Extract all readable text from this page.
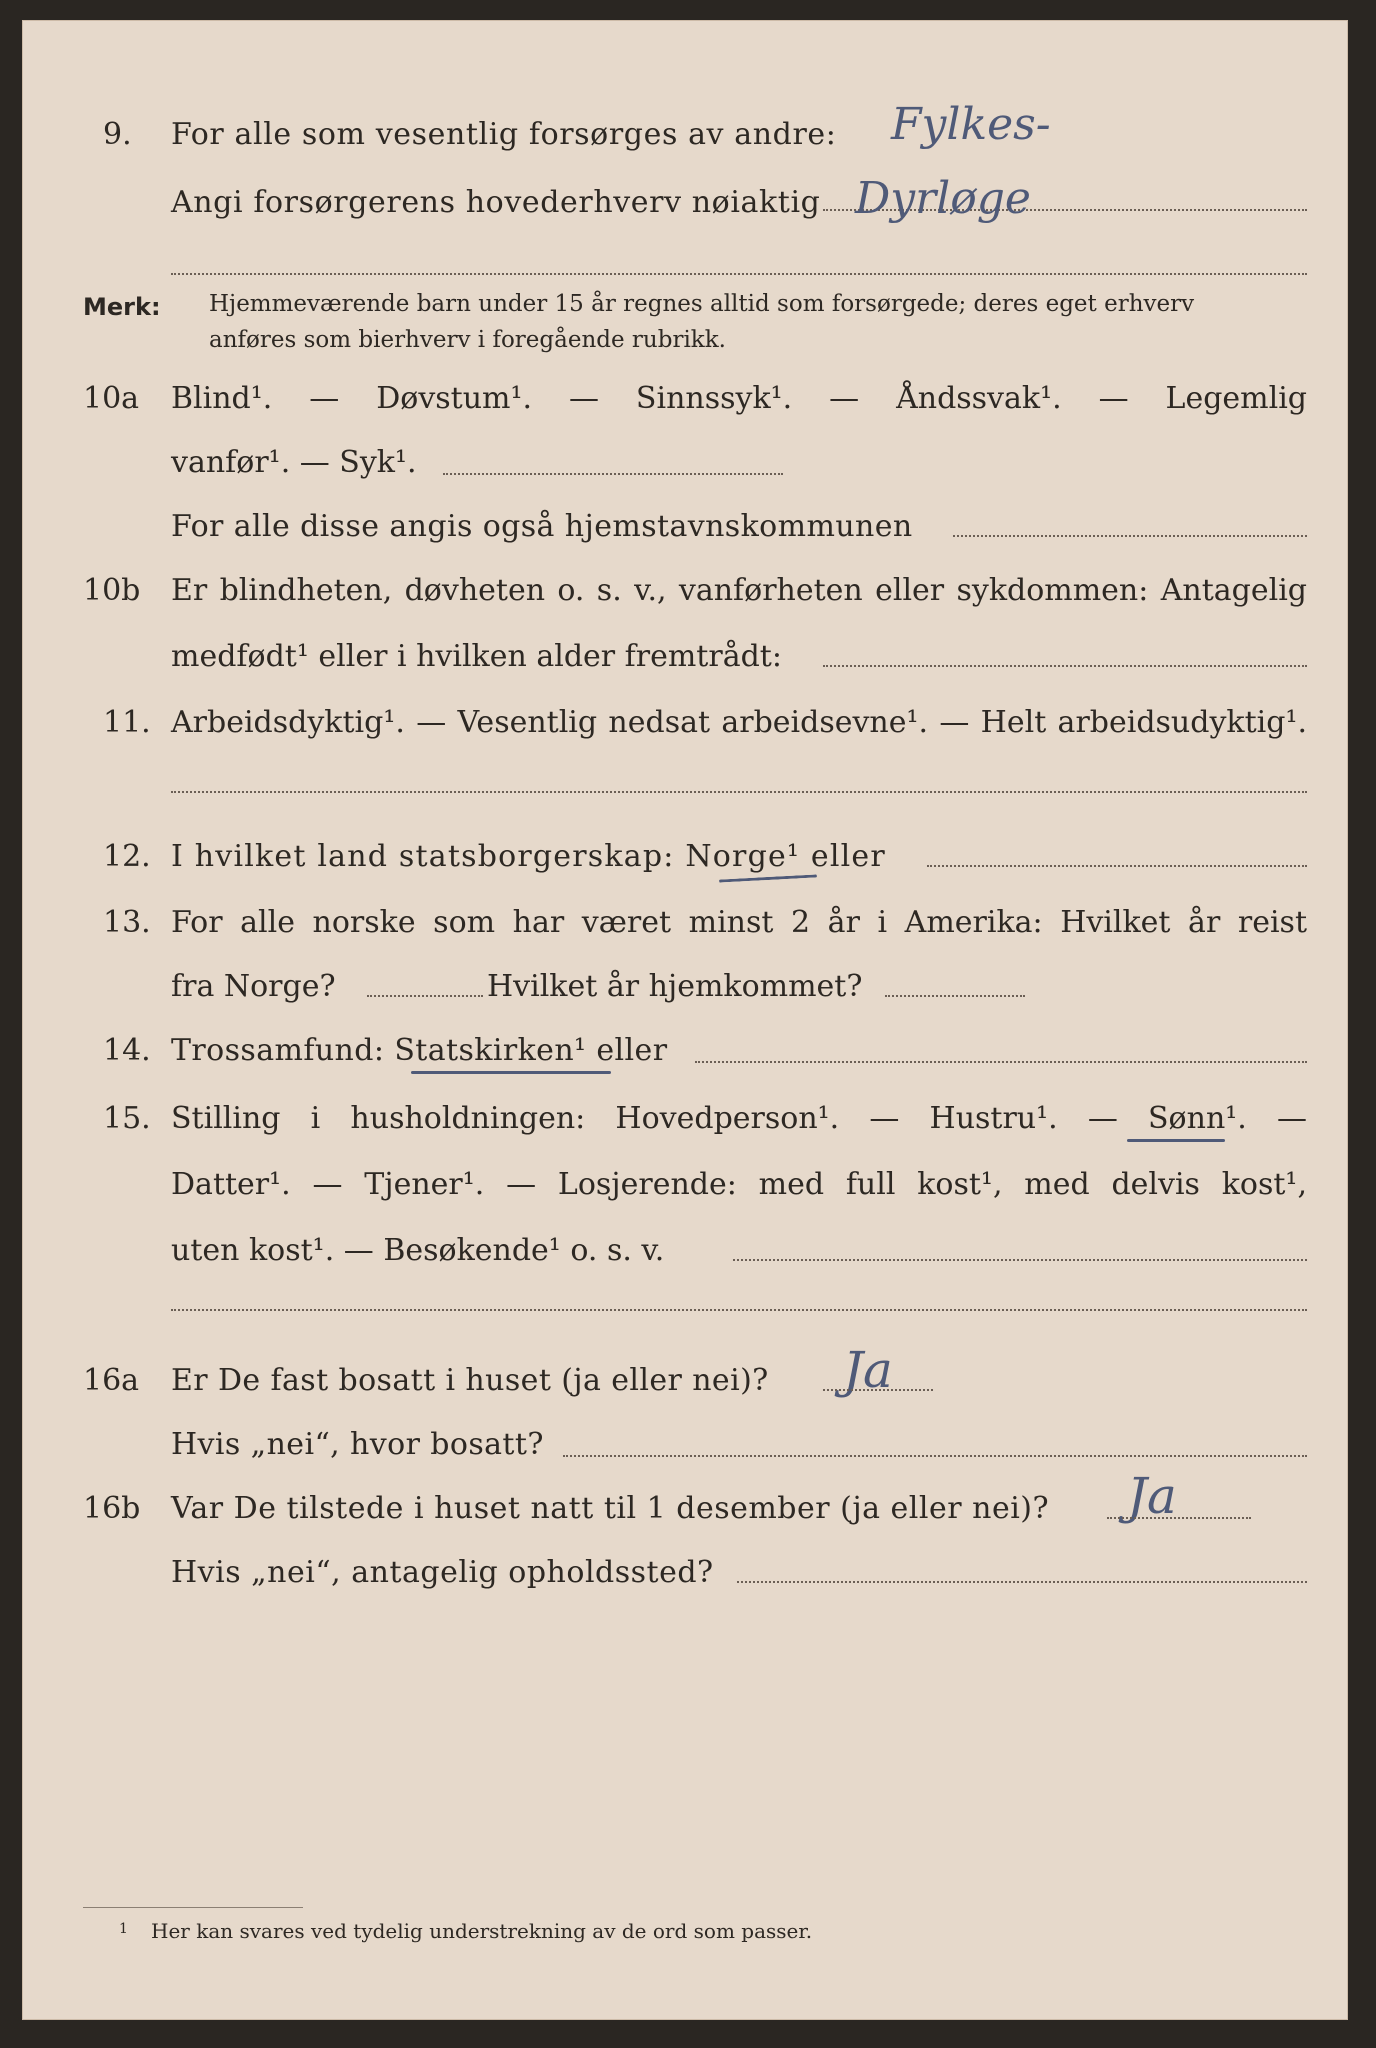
9. For alle som vesentlig forsørges av andre: Fylkes-
Angi forsørgerens hovederhverv nøiaktig Dyrløge
Merk: Hjemmeværende barn under 15 år regnes alltid som forsørgede; deres eget erhverv
anføres som bierhverv i foregående rubrikk.
10a Blind¹. — Døvstum¹. — Sinnssyk¹. — Åndssvak¹. — Legemlig
vanfør¹. — Syk¹.
For alle disse angis også hjemstavnskommunen
10b Er blindheten, døvheten o. s. v., vanførheten eller sykdommen: Antagelig
medfødt¹ eller i hvilken alder fremtrådt:
11. Arbeidsdyktig¹. — Vesentlig nedsat arbeidsevne¹. — Helt arbeidsudyktig¹.
12. I hvilket land statsborgerskap: Norge¹ eller
13. For alle norske som har været minst 2 år i Amerika: Hvilket år reist
fra Norge?	Hvilket år hjemkommet?
14. Trossamfund: Statskirken¹ eller
15. Stilling i husholdningen: Hovedperson¹. — Hustru¹. — Sønn¹. —
Datter¹. — Tjener¹. — Losjerende: med full kost¹, med delvis kost¹,
uten kost¹. — Besøkende¹ o. s. v.
16a Er De fast bosatt i huset (ja eller nei)? Ja
Hvis „nei“, hvor bosatt?
16b Var De tilstede i huset natt til 1 desember (ja eller nei)? Ja
Hvis „nei“, antagelig opholdssted?
1 Her kan svares ved tydelig understrekning av de ord som passer.
